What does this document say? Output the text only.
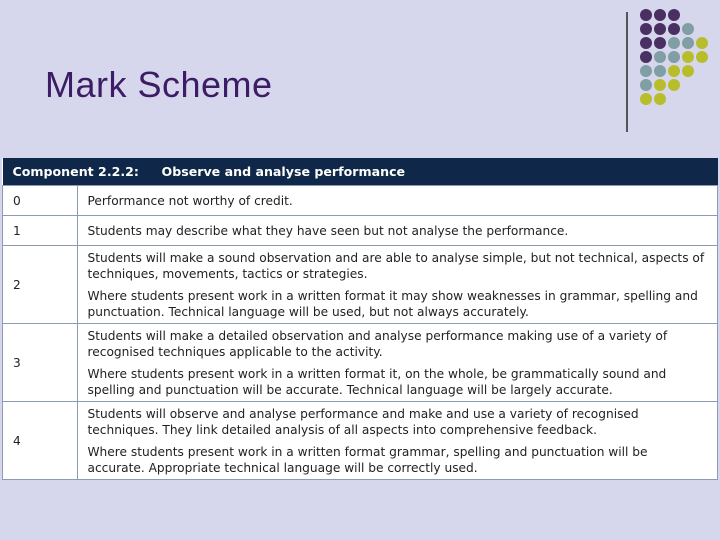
Mark Scheme
Component 2.2.2:		Observe and analyse performance
0	Performance not worthy of credit.	

1	Students may describe what they have seen but not analyse the performance.	

2	Students will make a sound observation and are able to analyse simple, but not technical, aspects of techniques, movements, tactics or strategies.
Where students present work in a written format it may show weaknesses in grammar, spelling and punctuation. Technical language will be used, but not always accurately.	

3	Students will make a detailed observation and analyse performance making use of a variety of recognised techniques applicable to the activity.
Where students present work in a written format it, on the whole, be grammatically sound and spelling and punctuation will be accurate. Technical language will be largely accurate.	

4	Students will observe and analyse performance and make and use a variety of recognised techniques. They link detailed analysis of all aspects into comprehensive feedback.
Where students present work in a written format grammar, spelling and punctuation will be accurate. Appropriate technical language will be correctly used.	
